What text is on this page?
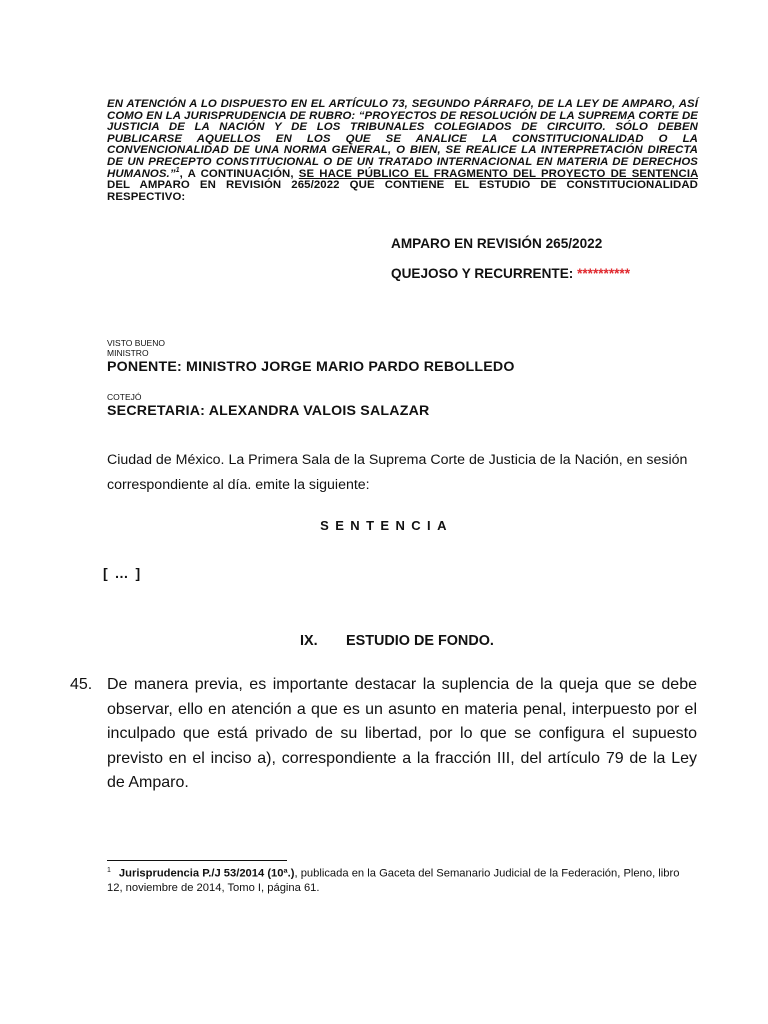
EN ATENCIÓN A LO DISPUESTO EN EL ARTÍCULO 73, SEGUNDO PÁRRAFO, DE LA LEY DE AMPARO, ASÍ COMO EN LA JURISPRUDENCIA DE RUBRO: “PROYECTOS DE RESOLUCIÓN DE LA SUPREMA CORTE DE JUSTICIA DE LA NACIÓN Y DE LOS TRIBUNALES COLEGIADOS DE CIRCUITO. SÓLO DEBEN PUBLICARSE AQUELLOS EN LOS QUE SE ANALICE LA CONSTITUCIONALIDAD O LA CONVENCIONALIDAD DE UNA NORMA GENERAL, O BIEN, SE REALICE LA INTERPRETACIÓN DIRECTA DE UN PRECEPTO CONSTITUCIONAL O DE UN TRATADO INTERNACIONAL EN MATERIA DE DERECHOS HUMANOS.”$^1$, A CONTINUACIÓN, SE HACE PÚBLICO EL FRAGMENTO DEL PROYECTO DE SENTENCIA DEL AMPARO EN REVISIÓN 265/2022 QUE CONTIENE EL ESTUDIO DE CONSTITUCIONALIDAD RESPECTIVO:
AMPARO EN REVISIÓN 265/2022
QUEJOSO Y RECURRENTE: **********
VISTO BUENO
MINISTRO
PONENTE: MINISTRO JORGE MARIO PARDO REBOLLEDO
COTEJÓ
SECRETARIA: ALEXANDRA VALOIS SALAZAR
Ciudad de México. La Primera Sala de la Suprema Corte de Justicia de la Nación, en sesión correspondiente al día. emite la siguiente:
SENTENCIA
[ … ]
IX. ESTUDIO DE FONDO.
45. De manera previa, es importante destacar la suplencia de la queja que se debe observar, ello en atención a que es un asunto en materia penal, interpuesto por el inculpado que está privado de su libertad, por lo que se configura el supuesto previsto en el inciso a), correspondiente a la fracción III, del artículo 79 de la Ley de Amparo.
$^1$ Jurisprudencia P./J 53/2014 (10ª.), publicada en la Gaceta del Semanario Judicial de la Federación, Pleno, libro 12, noviembre de 2014, Tomo I, página 61.
